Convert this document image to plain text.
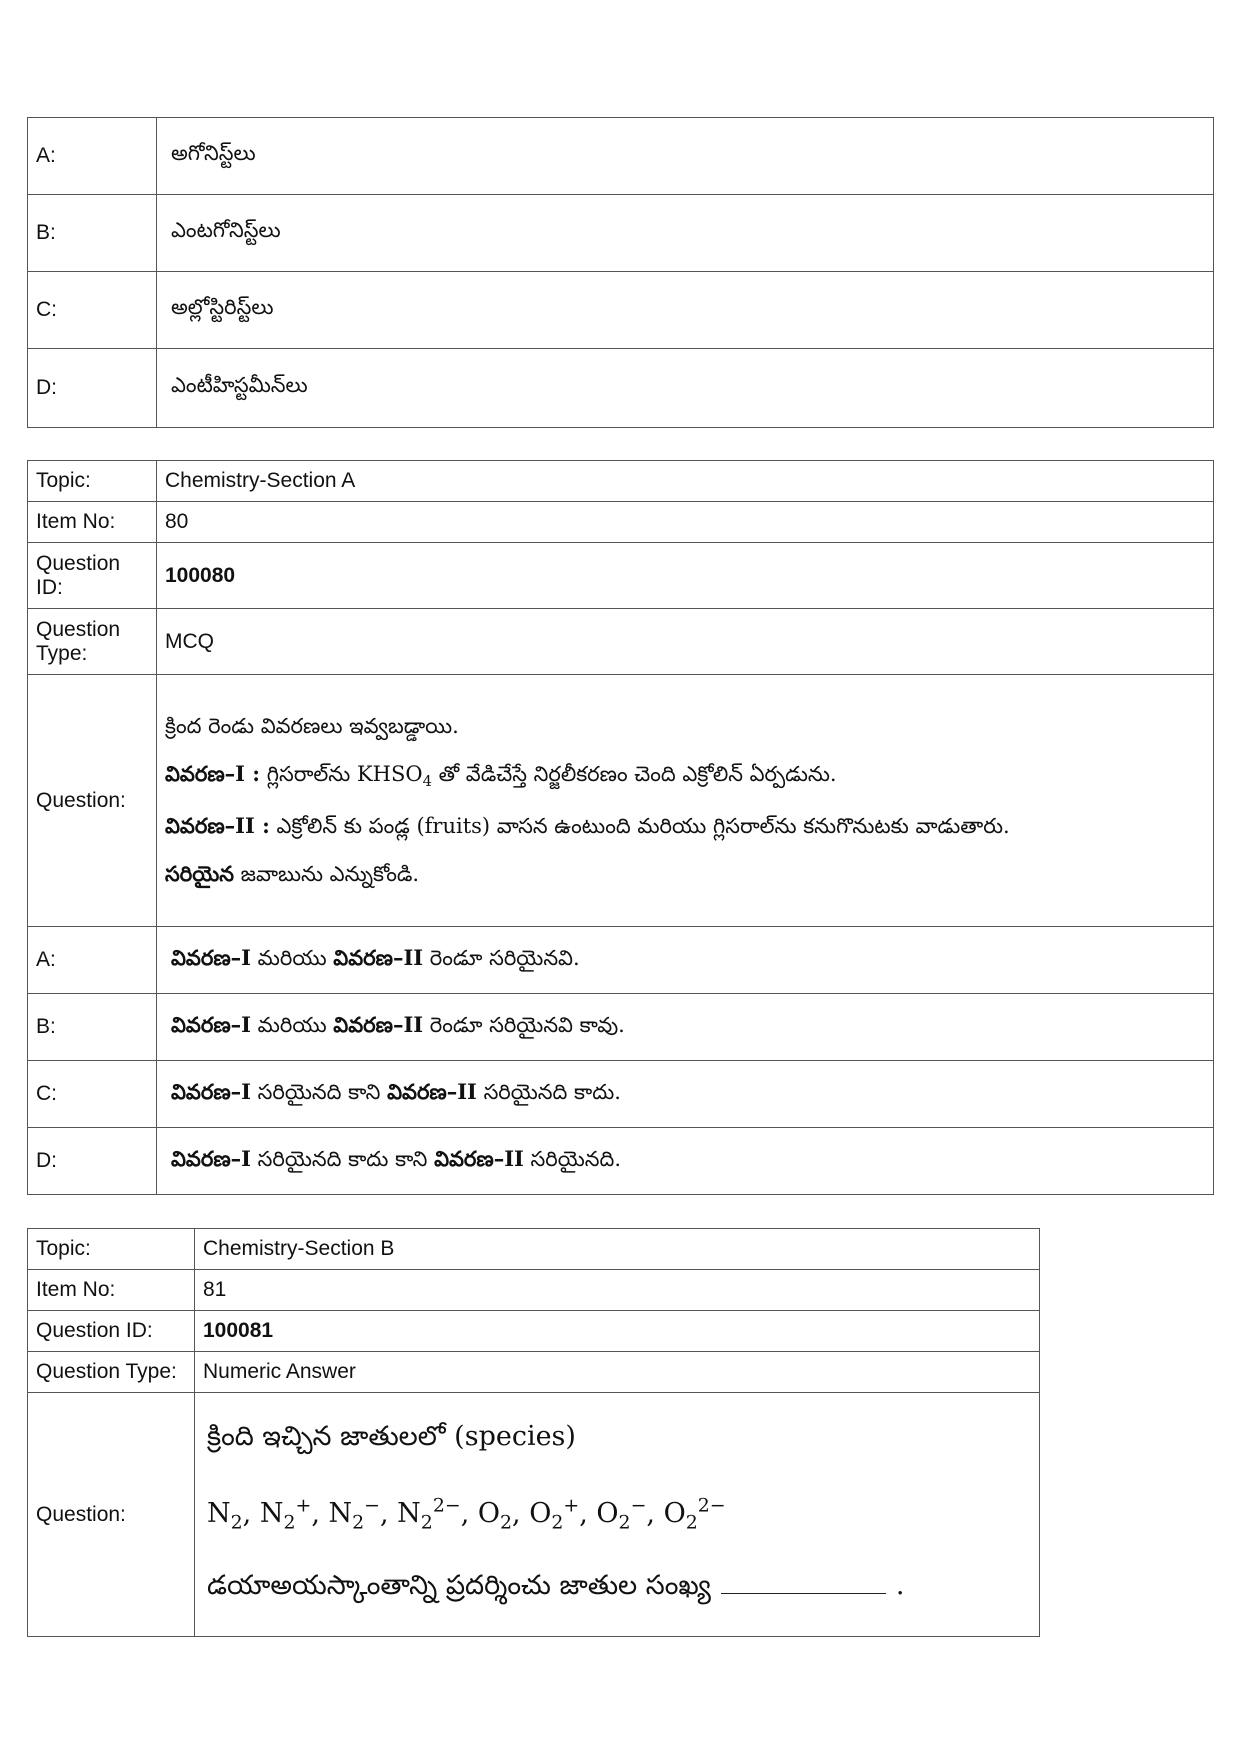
A:	అగోనిస్ట్‌లు
B:	ఎంటగోనిస్ట్‌లు
C:	అల్లోస్టిరిస్ట్‌లు
D:	ఎంటీహిస్టమీన్‌లు
Topic:	Chemistry-Section A
Item No:	80
Question ID:	100080
Question Type:	MCQ
Question:	క్రింద రెండు వివరణలు ఇవ్వబడ్డాయి.

వివరణ–I : గ్లిసరాల్‌ను $KHSO_4$ తో వేడిచేస్తే నిర్జలీకరణం చెంది ఎక్రోలిన్ ఏర్పడును.

వివరణ–II : ఎక్రోలిన్ కు పండ్ల (fruits) వాసన ఉంటుంది మరియు గ్లిసరాల్‌ను కనుగొనుటకు వాడుతారు.

సరియైన జవాబును ఎన్నుకోండి.

A:	వివరణ–I మరియు వివరణ–II రెండూ సరియైనవి.
B:	వివరణ–I మరియు వివరణ–II రెండూ సరియైనవి కావు.
C:	వివరణ–I సరియైనది కాని వివరణ–II సరియైనది కాదు.
D:	వివరణ–I సరియైనది కాదు కాని వివరణ–II సరియైనది.
Topic:	Chemistry-Section B
Item No:	81
Question ID:	100081
Question Type:	Numeric Answer
Question:	క్రింది ఇచ్చిన జాతులలో (species)
$N_2$, $N_2^+$, $N_2^-$, $N_2^{2-}$, $O_2$, $O_2^+$, $O_2^-$, $O_2^{2-}$
డయాఅయస్కాంతాన్ని ప్రదర్శించు జాతుల సంఖ్య .
